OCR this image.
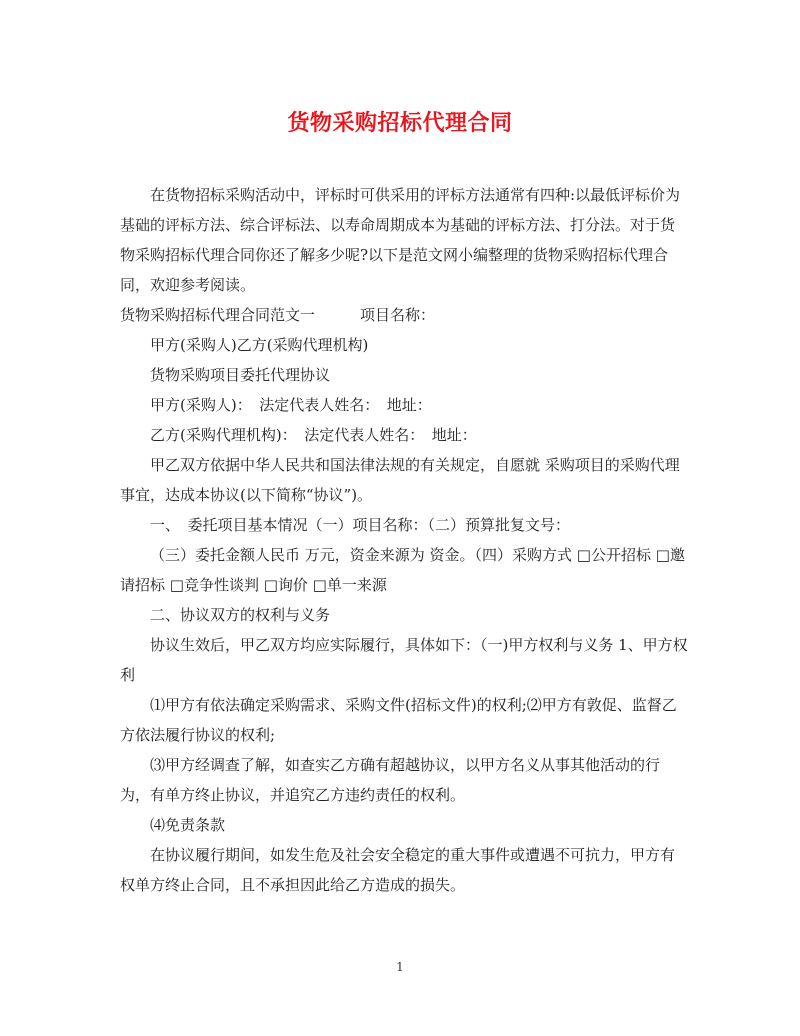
货物采购招标代理合同

在货物招标采购活动中，评标时可供采用的评标方法通常有四种:以最低评标价为基础的评标方法、综合评标法、以寿命周期成本为基础的评标方法、打分法。对于货物采购招标代理合同你还了解多少呢?以下是范文网小编整理的货物采购招标代理合同，欢迎参考阅读。

货物采购招标代理合同范文一　　　项目名称：

甲方(采购人)乙方(采购代理机构)

货物采购项目委托代理协议

甲方(采购人)：　法定代表人姓名：　地址：

乙方(采购代理机构)：　法定代表人姓名：　地址：

甲乙双方依据中华人民共和国法律法规的有关规定，自愿就 采购项目的采购代理事宜，达成本协议(以下简称“协议”)。

一、　委托项目基本情况（一）项目名称：（二）预算批复文号：

（三）委托金额人民币 万元，资金来源为 资金。（四）采购方式 □公开招标 □邀请招标 □竞争性谈判 □询价 □单一来源

二、协议双方的权利与义务

协议生效后，甲乙双方均应实际履行，具体如下：（一)甲方权利与义务 1、甲方权利

⑴甲方有依法确定采购需求、采购文件(招标文件)的权利;⑵甲方有敦促、监督乙方依法履行协议的权利;

⑶甲方经调查了解，如查实乙方确有超越协议，以甲方名义从事其他活动的行为，有单方终止协议，并追究乙方违约责任的权利。

⑷免责条款

在协议履行期间，如发生危及社会安全稳定的重大事件或遭遇不可抗力，甲方有权单方终止合同，且不承担因此给乙方造成的损失。

1
